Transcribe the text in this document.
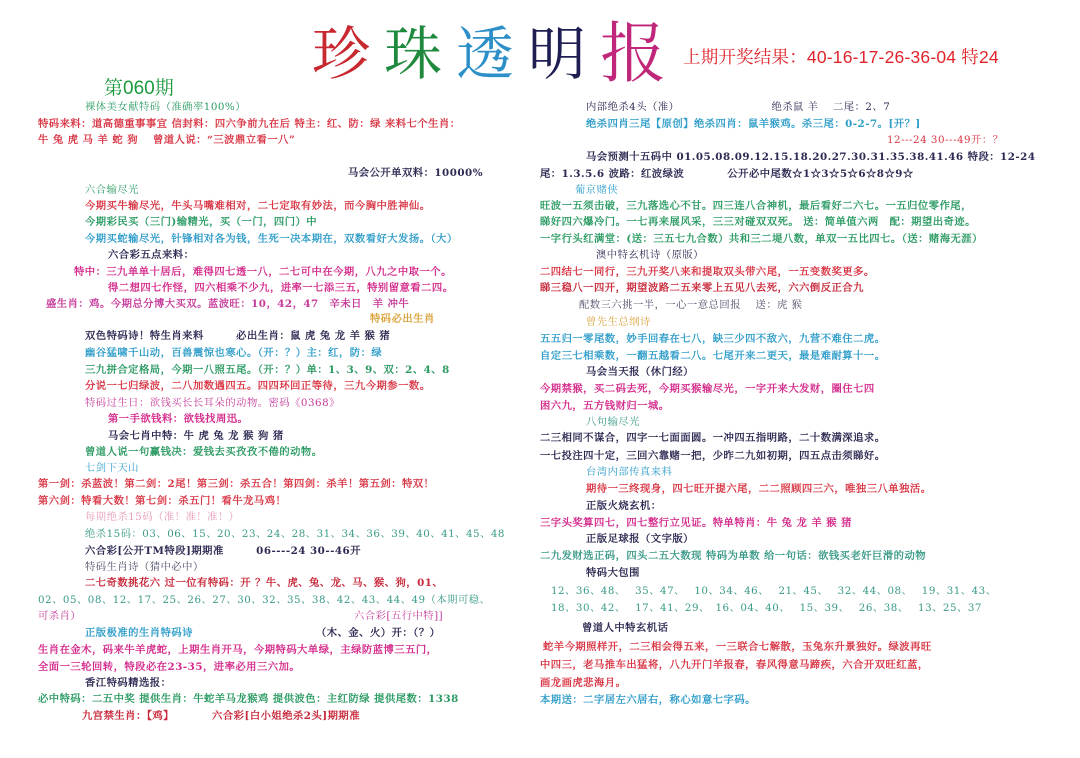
珍 珠 透 明 报 上期开奖结果：40-16-17-26-36-04 特24
第060期
裸体美女献特码（准确率100%）
特码来料：道高德重事事宜 信封料：四六争前九在后 特主：红、防：绿 来料七个生肖：
牛 兔 虎 马 羊 蛇 狗　 曾道人说：“三波鼎立看一八”
马会公开单双料：10000%
六合输尽光
今期买牛输尽光，牛头马嘴难相对，二七定取有妙法，而今胸中胜神仙。
今期彩民买（三门)输精光，买（一门，四门）中
今期买蛇输尽光，针锋相对各为钱，生死一决本期在，双数看好大发扬。（大）
六合彩五点来料：
特中：三九单单十居后，难得四七透一八，二七可中在今期，八九之中取一个。
得二想四七作怪，四六相乘不少九，进率一七添三五，特别留意看二四。
盛生肖：鸡。今期总分博大买双。蓝波旺：10，42，47　辛未日　羊 冲牛
特码必出生肖
双色特码诗！特生肖来料　　　必出生肖：鼠 虎 兔 龙 羊 猴 猪
幽谷猛啸千山动，百兽震惊也寒心。（开：？）主：红，防：绿
三九拼合定格局，今期一八照五尾。（开：？）单：1、3、9、双：2、4、8
分说一七归绿波，二八加数遇四五。四四环回正等待，三九今期参一数。
特码过生日：欲钱买长长耳朵的动物。密码《0368》
第一手欲钱料：欲钱找周迅。
马会七肖中特：牛 虎 兔 龙 猴 狗 猪
曾道人说一句赢钱决：爱钱去买孜孜不倦的动物。
七剑下天山
第一剑：杀蓝波！第二剑：2尾！第三剑：杀五合！第四剑：杀羊！第五剑：特双！
第六剑：特看大数！第七剑：杀五门！看牛龙马鸡！
每期绝杀15码（准！准！准！）
绝杀15码：03、06、15、20、23、24、28、31、34、36、39、40、41、45、48
六合彩[公开TM特段]期期准　　　06----24 30--46开
特码生肖诗（猜中必中）
二七奇数挑花六 过一位有特码：开 ？牛、虎、兔、龙、马、猴、狗，01、
02、05、08、12、17、25、26、27、30、32、35、38、42、43、44、49（本期可稳、
可杀肖）	六合彩[五行中特]]
正版极准的生肖特码诗	（木、金、火）开：（？）
生肖在金木，码来牛羊虎蛇，上期生肖开马，今期特码大单绿，主绿防蓝博三五门，
全面一三轮回转，特段必在23-35，进率必用三六加。
香江特码精选报：
必中特码：二五中奖 提供生肖：牛蛇羊马龙猴鸡 提供波色：主红防绿 提供尾数：1338
九宫禁生肖：【鸡】　　　　六合彩[白小姐绝杀2头]期期准
内部绝杀4头（准）　　　　　　　　　绝杀鼠 羊　 二尾：2、7
绝杀四肖三尾【原创】绝杀四肖：鼠羊猴鸡。杀三尾：0-2-7。[开？]
12---24 30---49开：？
马会预测十五码中 01.05.08.09.12.15.18.20.27.30.31.35.38.41.46 特段：12-24
尾：1.3.5.6 波路：红波绿波　　　　公开必中尾数☆1☆3☆5☆6☆8☆9☆
葡京赌侠
旺波一五须击破，三九落选心不甘。四三连八合神机，最后看好二六七。一五归位零作尾，
睇好四六爆冷门。一七再来展风采，三三对碰双双死。 送：简单值六两　配：期望出奇迹。
一字行头红满堂：(送：三五七九合数）共和三二堤八数，单双一五比四七。（送：赌海无涯）
澳中特玄机诗（原版）
二四结七一同行，三九开奖八来和提取双头带六尾，一五变数奖更多。
睇三稳八一四开，期望波路二五来零上五见八去死，六六倒反正合九
配数三六挑一半，一心一意总回报　 送：虎 猴
曾先生总纲诗
五五归一零尾数，妙手回春在七八，缺三少四不敌六，九营不难住二虎。
自定三七相乘数，一翻五越看二八。七尾开来二更天，最是难耐算十一。
马会当天报（休门经）
今期禁猴，买二码去死，今期买猴输尽光，一字开来大发财，圈住七四
困六九，五方钱财归一城。
八句输尽光
二三相同不谋合，四字一七面面圆。一冲四五指明路，二十数满深追求。
一七投注四十定，三回六靠赌一把，少昨二九如初期，四五点击须睇好。
台湾内部传真来料
期待一三终现身，四七旺开提六尾，二二照顾四三六，唯独三八单独活。
正版火烧玄机：
三字头奖算四七，四七整行立见证。特单特肖：牛 兔 龙 羊 猴 猪
正版足球报（文字版）
二九发财选正码，四头二五大数现 特码为单数 给一句话：欲钱买老奸巨滑的动物
特码大包围
12、36、48、　 35、47、　 10、34、46、　 21、45、　 32、44、08、　 19、31、43、
18、30、42、　 17、41、29、　16、04、40、　 15、39、　 26、38、　 13、25、37
曾道人中特玄机话
蛇羊今期照样开，二三相会得五来，一三联合七解散，玉兔东升景独好。绿波再旺
中四三，老马推车出猛将，八九开门羊报春，春风得意马蹄疾，六合开双旺红蓝，
画龙画虎悲海月。
本期送：二字居左六居右，称心如意七字码。
